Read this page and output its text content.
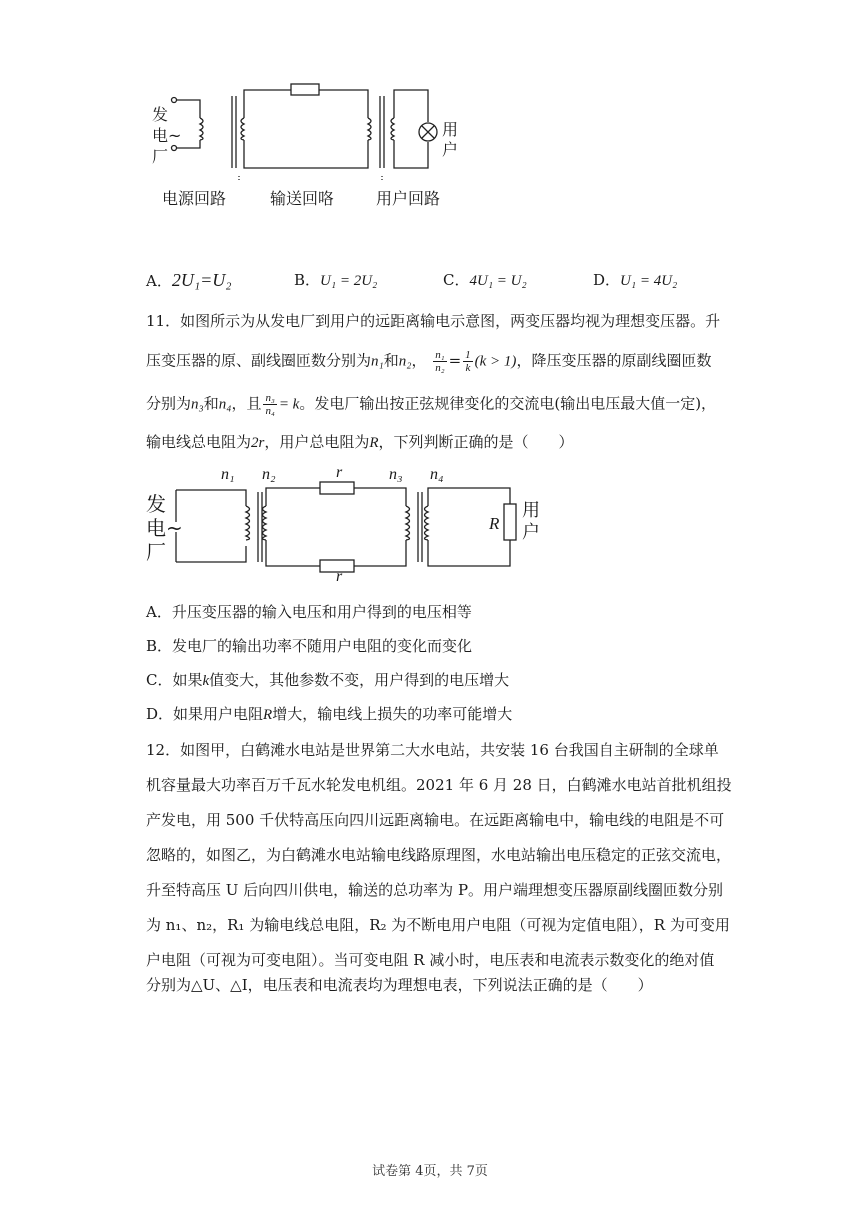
发
电~
厂
用
户
电源回路	输送回咯	用户回路
A．2U₁=U₂	B．U₁ = 2U₂	C．4U₁ = U₂	D．U₁ = 4U₂
11．如图所示为从发电厂到用户的远距离输电示意图，两变压器均视为理想变压器。升
压变压器的原、副线圈匝数分别为n₁和n₂， $\frac{\text{n₁}}{\text{n₂}} = \frac{1}{k} (k > 1)$，降压变压器的原副线圈匝数
分别为n₃和n₄，且 $\frac{\text{n₃}}{\text{n₄}} = k$。发电厂输出按正弦规律变化的交流电(输出电压最大值一定)，
输电线总电阻为2r，用户总电阻为R，下列判断正确的是（　　）
发
电~
厂
用
户
n₁ n₂	n₃ n₄
r
r
R
A．升压变压器的输入电压和用户得到的电压相等
B．发电厂的输出功率不随用户电阻的变化而变化
C．如果k值变大，其他参数不变，用户得到的电压增大
D．如果用户电阻R增大，输电线上损失的功率可能增大
12．如图甲，白鹤滩水电站是世界第二大水电站，共安装 16 台我国自主研制的全球单
机容量最大功率百万千瓦水轮发电机组。2021 年 6 月 28 日，白鹤滩水电站首批机组投
产发电，用 500 千伏特高压向四川远距离输电。在远距离输电中，输电线的电阻是不可
忽略的，如图乙，为白鹤滩水电站输电线路原理图，水电站输出电压稳定的正弦交流电，
升至特高压 U 后向四川供电，输送的总功率为 P。用户端理想变压器原副线圈匝数分别
为 n₁、n₂，R₁ 为输电线总电阻，R₂ 为不断电用户电阻（可视为定值电阻），R 为可变用
户电阻（可视为可变电阻）。当可变电阻 R 减小时，电压表和电流表示数变化的绝对值
分别为△U、△I，电压表和电流表均为理想电表，下列说法正确的是（　　）
试卷第 4页，共 7页
